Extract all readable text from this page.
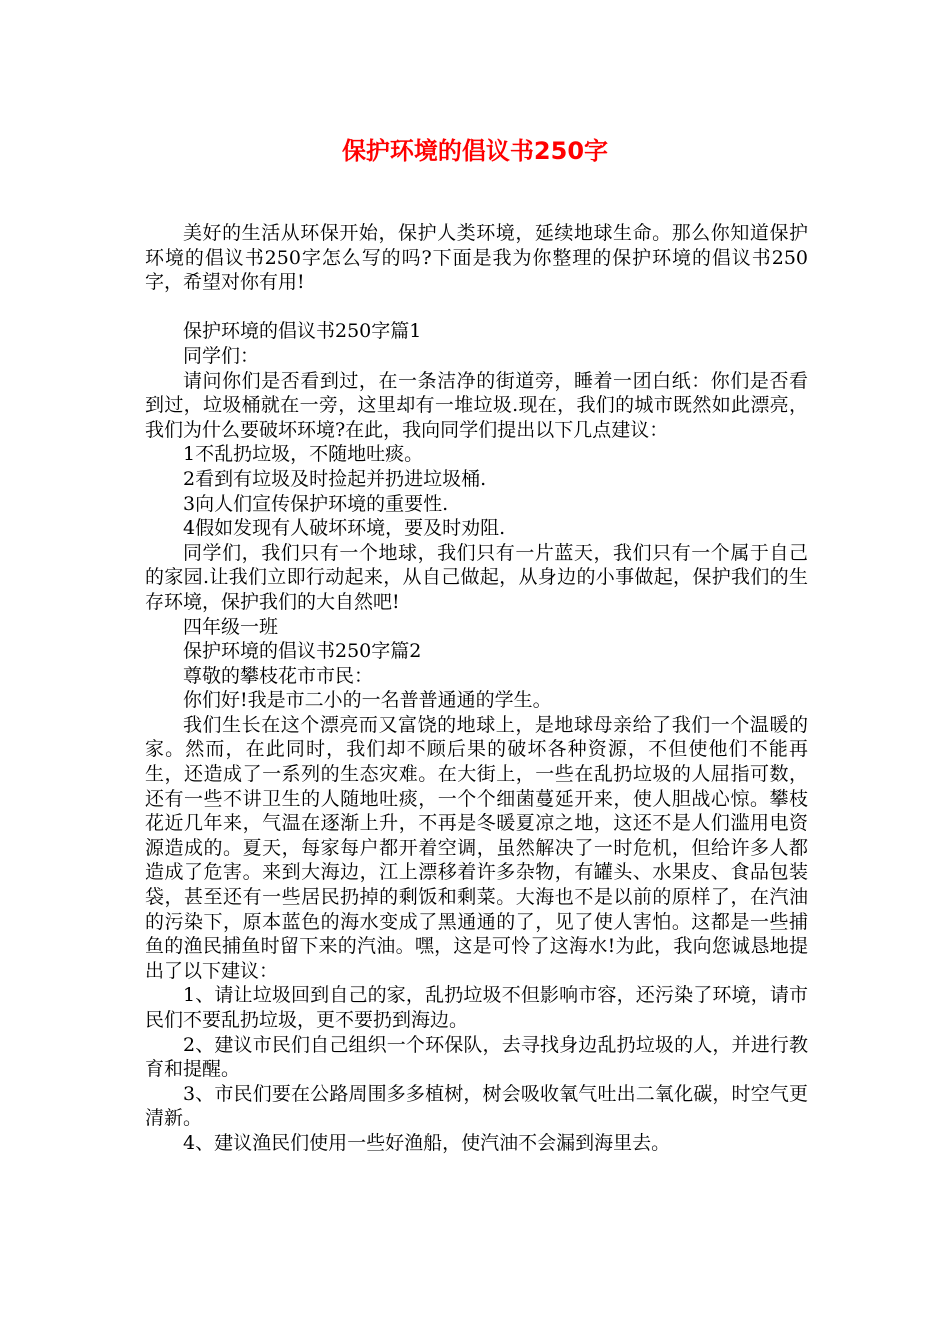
保护环境的倡议书250字

美好的生活从环保开始，保护人类环境，延续地球生命。那么你知道保护环境的倡议书250字怎么写的吗?下面是我为你整理的保护环境的倡议书250字，希望对你有用!

保护环境的倡议书250字篇1

同学们：

请问你们是否看到过，在一条洁净的街道旁，睡着一团白纸：你们是否看到过，垃圾桶就在一旁，这里却有一堆垃圾.现在，我们的城市既然如此漂亮，我们为什么要破坏环境?在此，我向同学们提出以下几点建议：

1不乱扔垃圾，不随地吐痰。

2看到有垃圾及时捡起并扔进垃圾桶.

3向人们宣传保护环境的重要性.

4假如发现有人破坏环境，要及时劝阻.

同学们，我们只有一个地球，我们只有一片蓝天，我们只有一个属于自己的家园.让我们立即行动起来，从自己做起，从身边的小事做起，保护我们的生存环境，保护我们的大自然吧!

四年级一班

保护环境的倡议书250字篇2

尊敬的攀枝花市市民：

你们好!我是市二小的一名普普通通的学生。

我们生长在这个漂亮而又富饶的地球上，是地球母亲给了我们一个温暖的家。然而，在此同时，我们却不顾后果的破坏各种资源，不但使他们不能再生，还造成了一系列的生态灾难。在大街上，一些在乱扔垃圾的人屈指可数，还有一些不讲卫生的人随地吐痰，一个个细菌蔓延开来，使人胆战心惊。攀枝花近几年来，气温在逐渐上升，不再是冬暖夏凉之地，这还不是人们滥用电资源造成的。夏天，每家每户都开着空调，虽然解决了一时危机，但给许多人都造成了危害。来到大海边，江上漂移着许多杂物，有罐头、水果皮、食品包装袋，甚至还有一些居民扔掉的剩饭和剩菜。大海也不是以前的原样了，在汽油的污染下，原本蓝色的海水变成了黑通通的了，见了使人害怕。这都是一些捕鱼的渔民捕鱼时留下来的汽油。嘿，这是可怜了这海水!为此，我向您诚恳地提出了以下建议：

1、请让垃圾回到自己的家，乱扔垃圾不但影响市容，还污染了环境，请市民们不要乱扔垃圾，更不要扔到海边。

2、建议市民们自己组织一个环保队，去寻找身边乱扔垃圾的人，并进行教育和提醒。

3、市民们要在公路周围多多植树，树会吸收氧气吐出二氧化碳，时空气更清新。

4、建议渔民们使用一些好渔船，使汽油不会漏到海里去。
